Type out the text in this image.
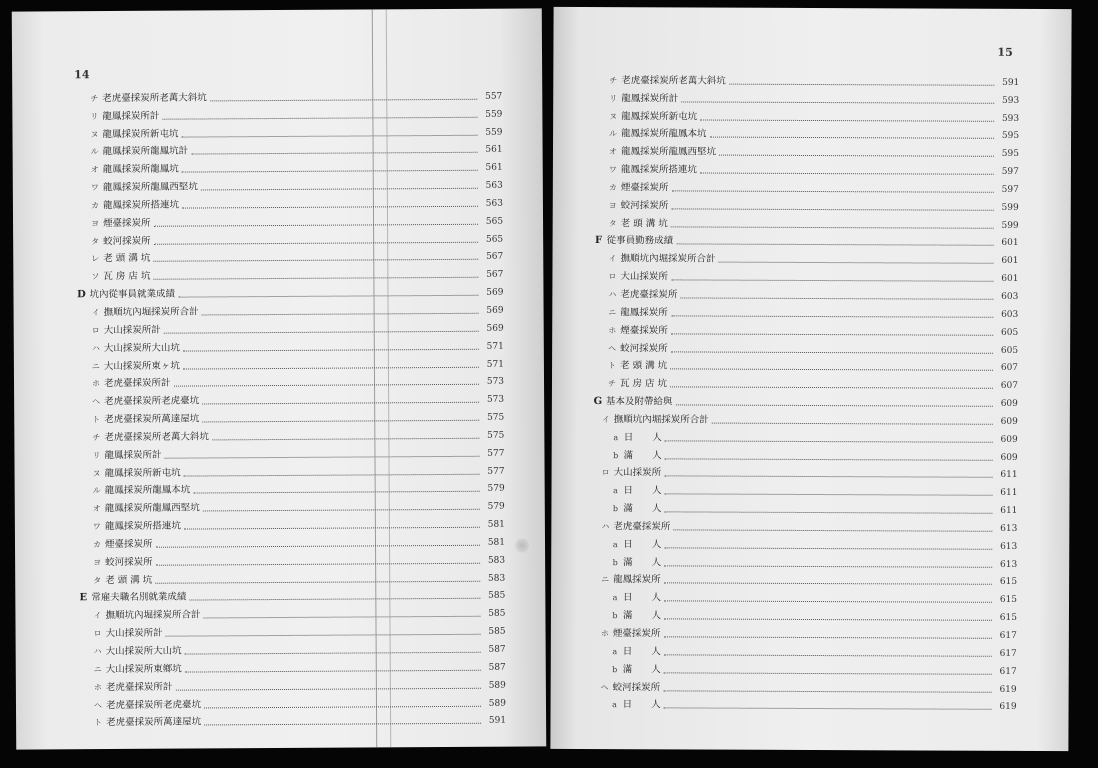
14
チ 老虎臺採炭所老萬大斜坑	557
リ 龍鳳採炭所計	559
ヌ 龍鳳採炭所新屯坑	559
ル 龍鳳採炭所龍鳳坑計	561
オ 龍鳳採炭所龍鳳坑	561
ワ 龍鳳採炭所龍鳳西堅坑	563
カ 龍鳳採炭所搭連坑	563
ヨ 煙臺採炭所	565
タ 蛟河採炭所	565
レ 老 頭 溝 坑	567
ソ 瓦 房 店 坑	567
D 坑內從事員就業成績	569
イ 撫順坑內堀採炭所合計	569
ロ 大山採炭所計	569
ハ 大山採炭所大山坑	571
ニ 大山採炭所東ヶ坑	571
ホ 老虎臺採炭所計	573
ヘ 老虎臺採炭所老虎臺坑	573
ト 老虎臺採炭所萬達屋坑	575
チ 老虎臺採炭所老萬大斜坑	575
リ 龍鳳採炭所計	577
ヌ 龍鳳採炭所新屯坑	577
ル 龍鳳採炭所龍鳳本坑	579
オ 龍鳳採炭所龍鳳西堅坑	579
ワ 龍鳳採炭所搭連坑	581
カ 煙臺採炭所	581
ヨ 蛟河採炭所	583
タ 老 頭 溝 坑	583
E 常雇夫職名別就業成績	585
イ 撫順坑內堀採炭所合計	585
ロ 大山採炭所計	585
ハ 大山採炭所大山坑	587
ニ 大山採炭所東鄉坑	587
ホ 老虎臺採炭所計	589
ヘ 老虎臺採炭所老虎臺坑	589
ト 老虎臺採炭所萬達屋坑	591
15
チ 老虎臺採炭所老萬大斜坑	591
リ 龍鳳採炭所計	593
ヌ 龍鳳採炭所新屯坑	593
ル 龍鳳採炭所龍鳳本坑	595
オ 龍鳳採炭所龍鳳西堅坑	595
ワ 龍鳳採炭所搭連坑	597
カ 煙臺採炭所	597
ヨ 蛟河採炭所	599
タ 老 頭 溝 坑	599
F 從事員勤務成績	601
イ 撫順坑內堀採炭所合計	601
ロ 大山採炭所	601
ハ 老虎臺採炭所	603
ニ 龍鳳採炭所	603
ホ 煙臺採炭所	605
ヘ 蛟河採炭所	605
ト 老 頭 溝 坑	607
チ 瓦 房 店 坑	607
G 基本及附帶給與	609
イ 撫順坑內堀採炭所合計	609
a 日　　人	609
b 滿　　人	609
ロ 大山採炭所	611
a 日　　人	611
b 滿　　人	611
ハ 老虎臺採炭所	613
a 日　　人	613
b 滿　　人	613
ニ 龍鳳採炭所	615
a 日　　人	615
b 滿　　人	615
ホ 煙臺採炭所	617
a 日　　人	617
b 滿　　人	617
ヘ 蛟河採炭所	619
a 日　　人	619
